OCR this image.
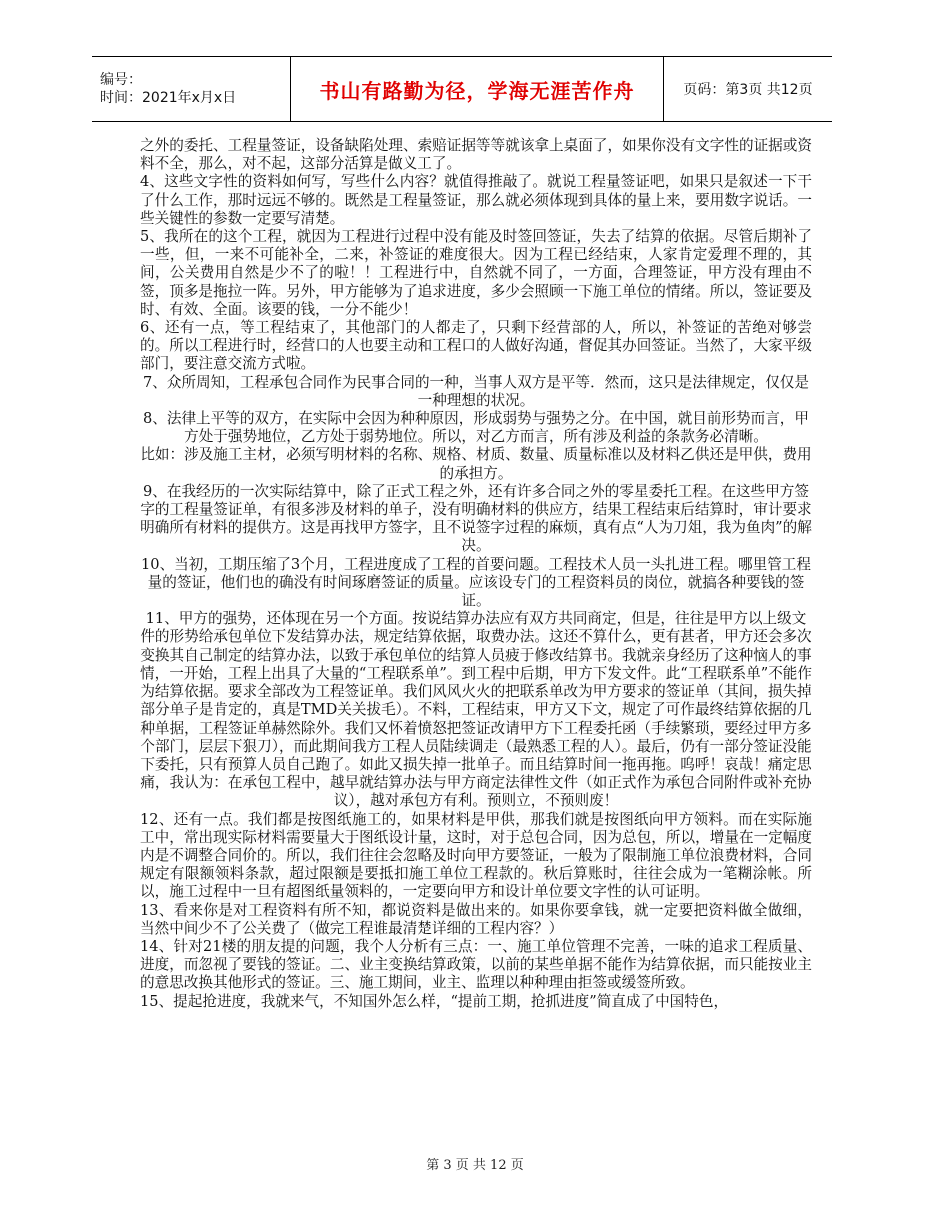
编号：
时间：2021年x月x日	书山有路勤为径，学海无涯苦作舟	页码：第3页 共12页

之外的委托、工程量签证，设备缺陷处理、索赔证据等等就该拿上桌面了，如果你没有文字性的证据或资料不全，那么，对不起，这部分活算是做义工了。

4、这些文字性的资料如何写，写些什么内容？就值得推敲了。就说工程量签证吧，如果只是叙述一下干了什么工作，那时远远不够的。既然是工程量签证，那么就必须体现到具体的量上来，要用数字说话。一些关键性的参数一定要写清楚。

5、我所在的这个工程，就因为工程进行过程中没有能及时签回签证，失去了结算的依据。尽管后期补了一些，但，一来不可能补全，二来，补签证的难度很大。因为工程已经结束，人家肯定爱理不理的，其间，公关费用自然是少不了的啦！！工程进行中，自然就不同了，一方面，合理签证，甲方没有理由不签，顶多是拖拉一阵。另外，甲方能够为了追求进度，多少会照顾一下施工单位的情绪。所以，签证要及时、有效、全面。该要的钱，一分不能少！

6、还有一点，等工程结束了，其他部门的人都走了，只剩下经营部的人，所以，补签证的苦绝对够尝的。所以工程进行时，经营口的人也要主动和工程口的人做好沟通，督促其办回签证。当然了，大家平级部门，要注意交流方式啦。

7、众所周知，工程承包合同作为民事合同的一种，当事人双方是平等．然而，这只是法律规定，仅仅是一种理想的状况。

8、法律上平等的双方，在实际中会因为种种原因，形成弱势与强势之分。在中国，就目前形势而言，甲方处于强势地位，乙方处于弱势地位。所以，对乙方而言，所有涉及利益的条款务必清晰。

比如：涉及施工主材，必须写明材料的名称、规格、材质、数量、质量标准以及材料乙供还是甲供，费用的承担方。

9、在我经历的一次实际结算中，除了正式工程之外，还有许多合同之外的零星委托工程。在这些甲方签字的工程量签证单，有很多涉及材料的单子，没有明确材料的供应方，结果工程结束后结算时，审计要求明确所有材料的提供方。这是再找甲方签字，且不说签字过程的麻烦，真有点“人为刀俎，我为鱼肉”的解决。

10、当初，工期压缩了3个月，工程进度成了工程的首要问题。工程技术人员一头扎进工程。哪里管工程量的签证，他们也的确没有时间琢磨签证的质量。应该设专门的工程资料员的岗位，就搞各种要钱的签证。

11、甲方的强势，还体现在另一个方面。按说结算办法应有双方共同商定，但是，往往是甲方以上级文件的形势给承包单位下发结算办法，规定结算依据，取费办法。这还不算什么，更有甚者，甲方还会多次变换其自己制定的结算办法，以致于承包单位的结算人员疲于修改结算书。我就亲身经历了这种恼人的事情，一开始，工程上出具了大量的“工程联系单”。到工程中后期，甲方下发文件。此“工程联系单”不能作为结算依据。要求全部改为工程签证单。我们风风火火的把联系单改为甲方要求的签证单（其间，损失掉部分单子是肯定的，真是TMD关关拔毛）。不料，工程结束，甲方又下文，规定了可作最终结算依据的几种单据，工程签证单赫然除外。我们又怀着愤怒把签证改请甲方下工程委托函（手续繁琐，要经过甲方多个部门，层层下狠刀），而此期间我方工程人员陆续调走（最熟悉工程的人）。最后，仍有一部分签证没能下委托，只有预算人员自己跑了。如此又损失掉一批单子。而且结算时间一拖再拖。呜呼！哀哉！痛定思痛，我认为：在承包工程中，越早就结算办法与甲方商定法律性文件（如正式作为承包合同附件或补充协议），越对承包方有利。预则立，不预则废！

12、还有一点。我们都是按图纸施工的，如果材料是甲供，那我们就是按图纸向甲方领料。而在实际施工中，常出现实际材料需要量大于图纸设计量，这时，对于总包合同，因为总包，所以，增量在一定幅度内是不调整合同价的。所以，我们往往会忽略及时向甲方要签证，一般为了限制施工单位浪费材料，合同规定有限额领料条款，超过限额是要抵扣施工单位工程款的。秋后算账时，往往会成为一笔糊涂帐。所以，施工过程中一旦有超图纸量领料的，一定要向甲方和设计单位要文字性的认可证明。

13、看来你是对工程资料有所不知，都说资料是做出来的。如果你要拿钱，就一定要把资料做全做细，当然中间少不了公关费了（做完工程谁最清楚详细的工程内容？）

14、针对21楼的朋友提的问题，我个人分析有三点：一、施工单位管理不完善，一味的追求工程质量、进度，而忽视了要钱的签证。二、业主变换结算政策，以前的某些单据不能作为结算依据，而只能按业主的意思改换其他形式的签证。三、施工期间，业主、监理以种种理由拒签或缓签所致。

15、提起抢进度，我就来气，不知国外怎么样，“提前工期，抢抓进度”简直成了中国特色，

第 3 页 共 12 页
